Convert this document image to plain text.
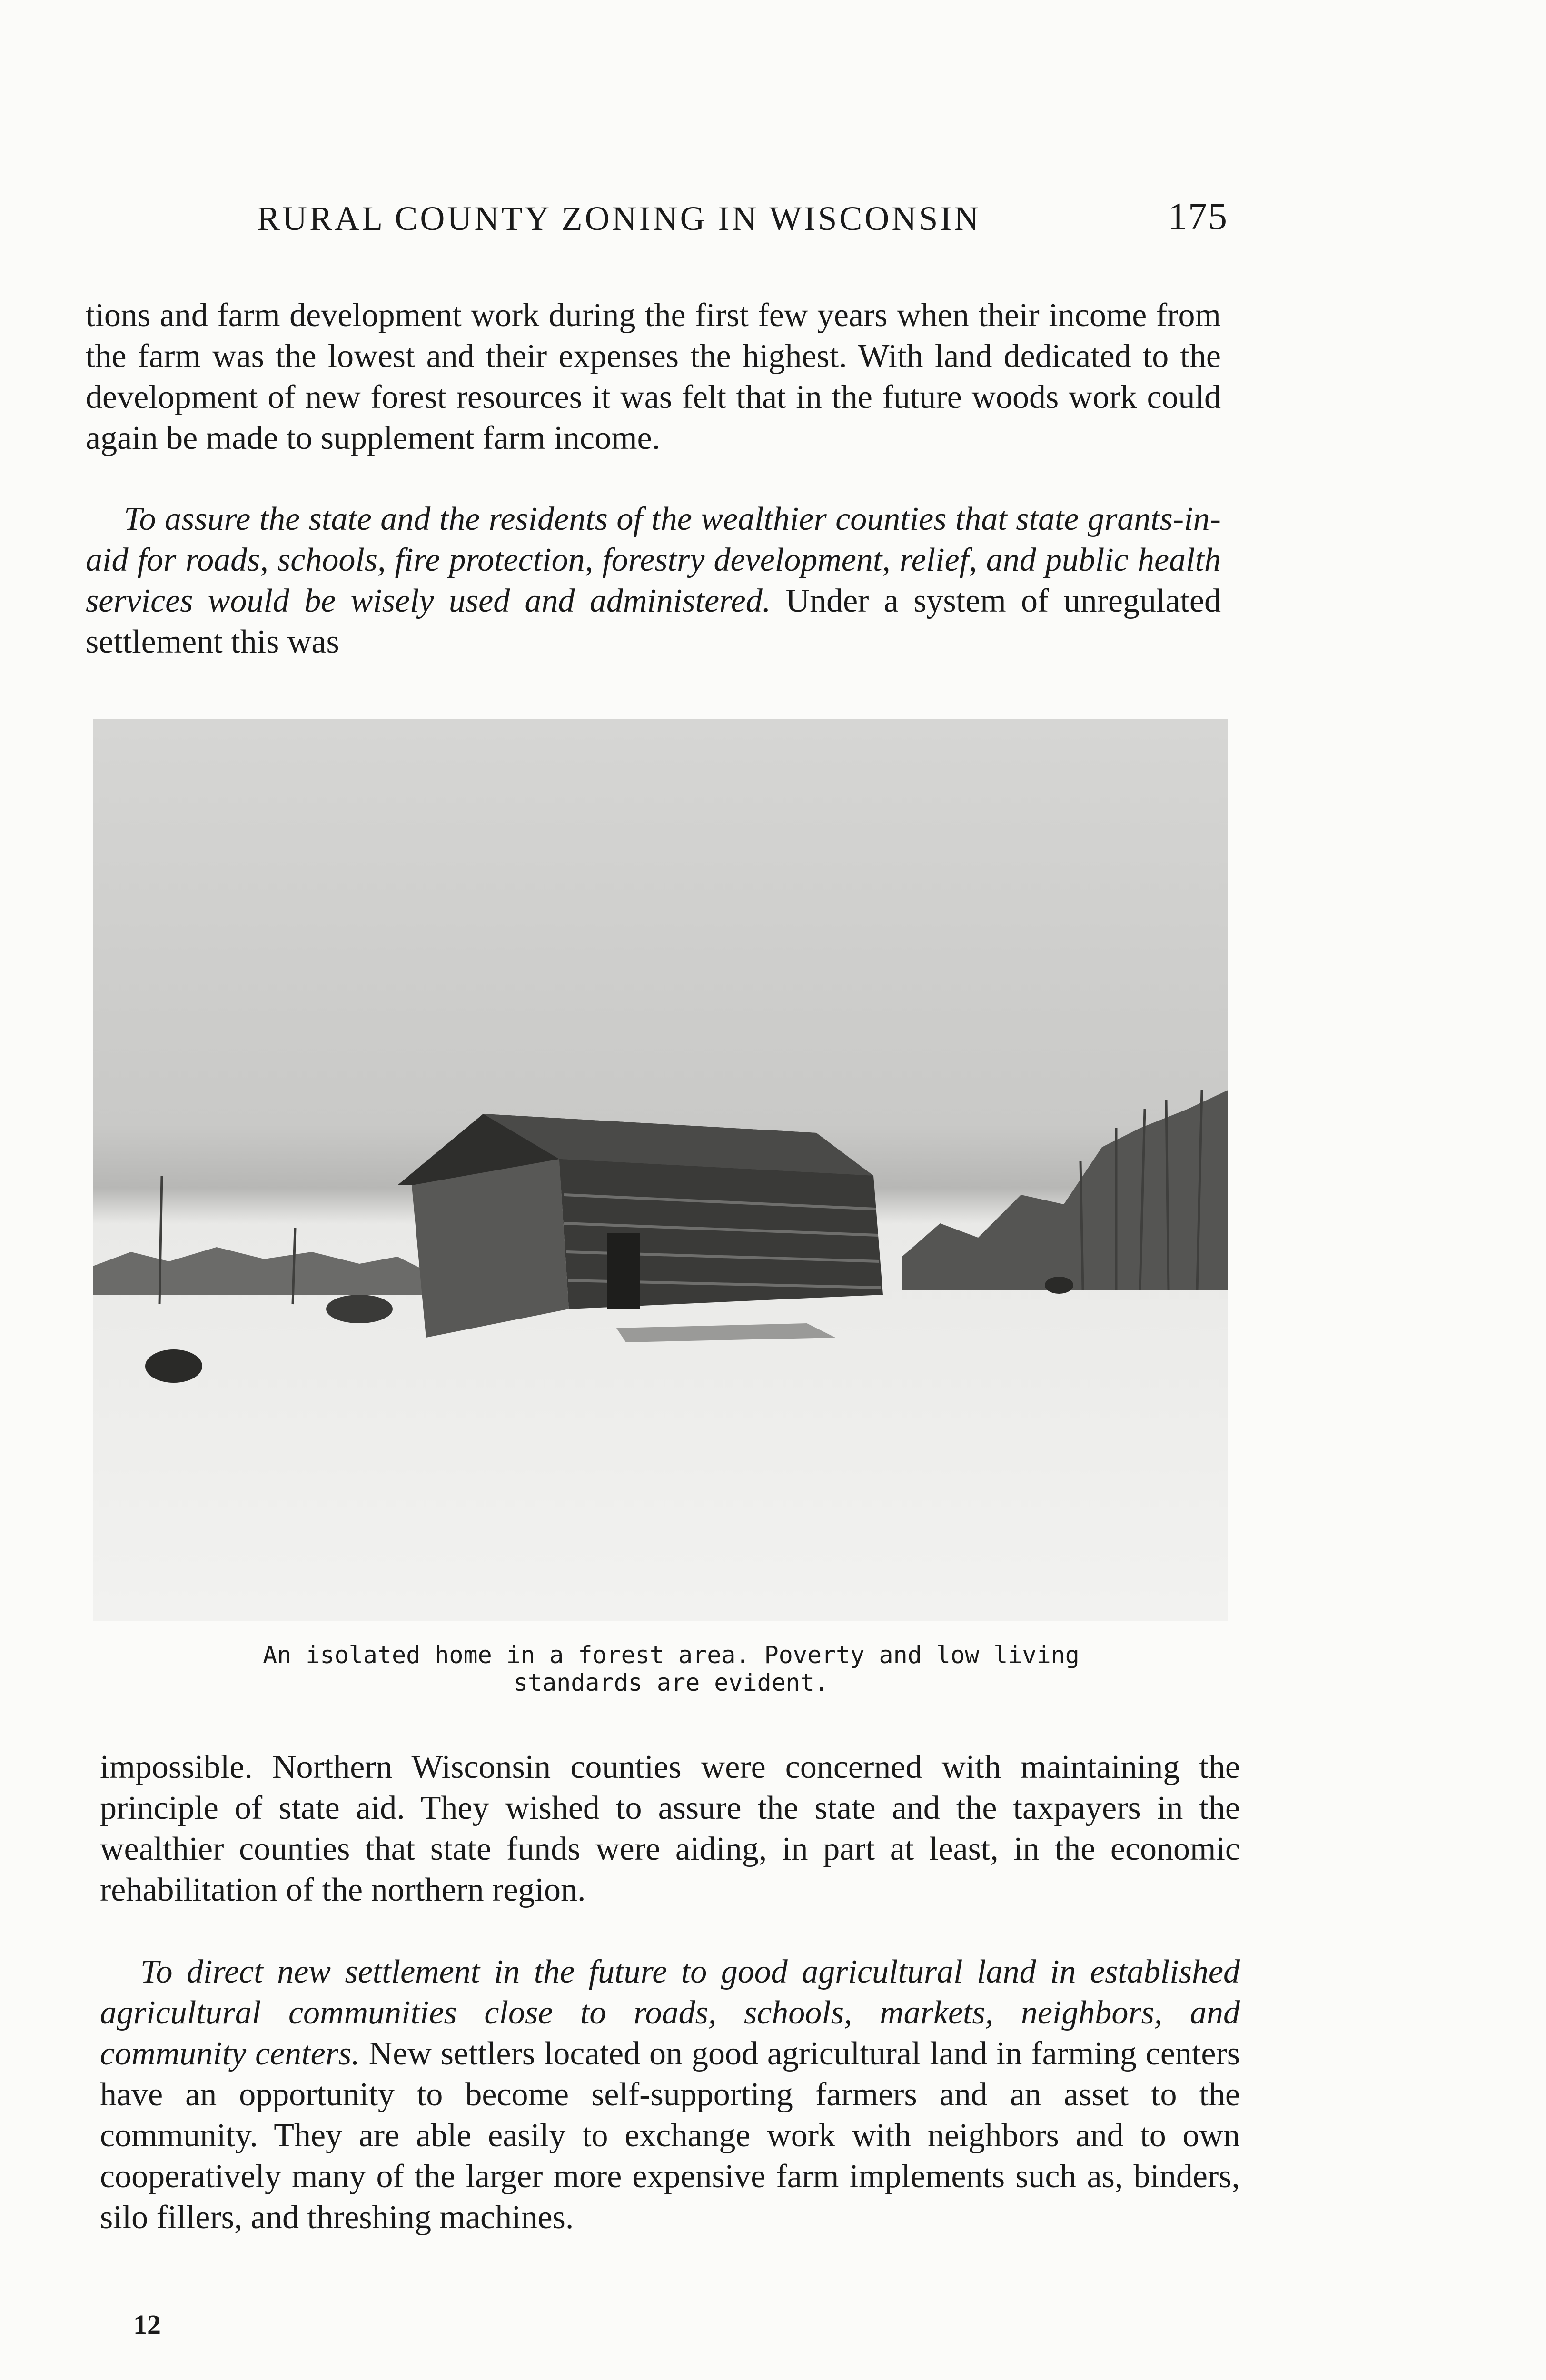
RURAL COUNTY ZONING IN WISCONSIN	175

tions and farm development work during the first few years when their income from the farm was the lowest and their expenses the highest. With land dedicated to the development of new forest resources it was felt that in the future woods work could again be made to supplement farm income.

To assure the state and the residents of the wealthier counties that state grants-in-aid for roads, schools, fire protection, forestry development, relief, and public health services would be wisely used and administered. Under a system of unregulated settlement this was

An isolated home in a forest area. Poverty and low living standards are evident.

impossible. Northern Wisconsin counties were concerned with maintaining the principle of state aid. They wished to assure the state and the taxpayers in the wealthier counties that state funds were aiding, in part at least, in the economic rehabilitation of the northern region.

To direct new settlement in the future to good agricultural land in established agricultural communities close to roads, schools, markets, neighbors, and community centers. New settlers located on good agricultural land in farming centers have an opportunity to become self-supporting farmers and an asset to the community. They are able easily to exchange work with neighbors and to own cooperatively many of the larger more expensive farm implements such as, binders, silo fillers, and threshing machines.

12
